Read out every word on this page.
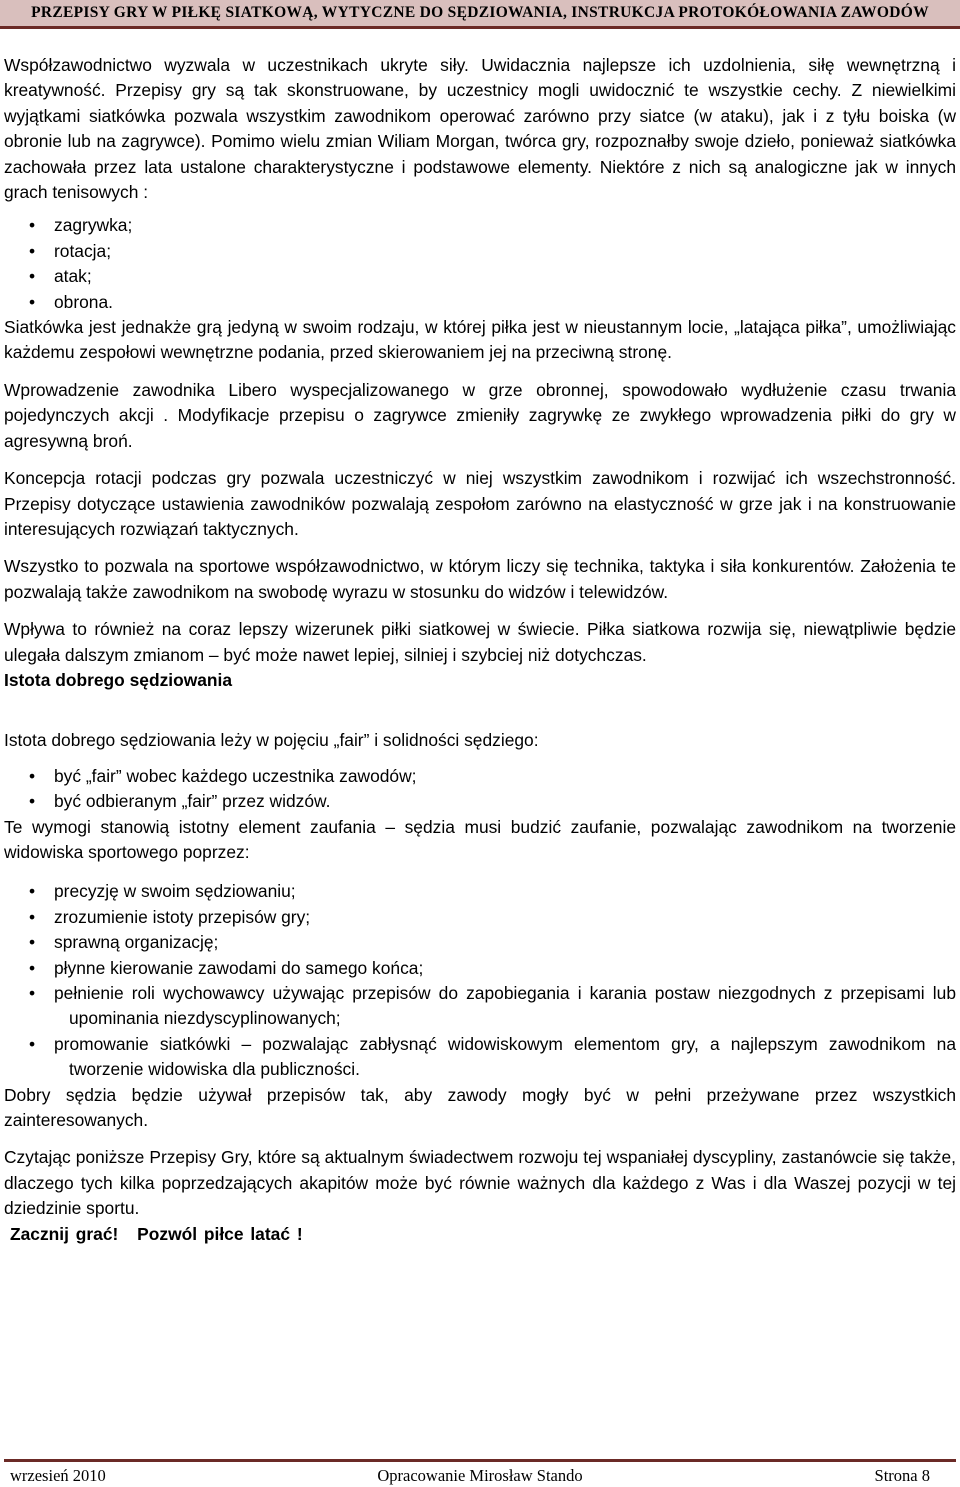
PRZEPISY GRY W PIŁKĘ SIATKOWĄ, WYTYCZNE DO SĘDZIOWANIA, INSTRUKCJA PROTOKÓŁOWANIA ZAWODÓW

Współzawodnictwo wyzwala w uczestnikach ukryte siły. Uwidacznia najlepsze ich uzdolnienia, siłę wewnętrzną i kreatywność. Przepisy gry są tak skonstruowane, by uczestnicy mogli uwidocznić te wszystkie cechy. Z niewielkimi wyjątkami siatkówka pozwala wszystkim zawodnikom operować zarówno przy siatce (w ataku), jak i z tyłu boiska (w obronie lub na zagrywce). Pomimo wielu zmian Wiliam Morgan, twórca gry, rozpoznałby swoje dzieło, ponieważ siatkówka zachowała przez lata ustalone charakterystyczne i podstawowe elementy. Niektóre z nich są analogiczne jak w innych grach tenisowych :

• zagrywka;
• rotacja;
• atak;
• obrona.

Siatkówka jest jednakże grą jedyną w swoim rodzaju, w której piłka jest w nieustannym locie, „latająca piłka”, umożliwiając każdemu zespołowi wewnętrzne podania, przed skierowaniem jej na przeciwną stronę.

Wprowadzenie zawodnika Libero wyspecjalizowanego w grze obronnej, spowodowało wydłużenie czasu trwania pojedynczych akcji . Modyfikacje przepisu o zagrywce zmieniły zagrywkę ze zwykłego wprowadzenia piłki do gry w agresywną broń.

Koncepcja rotacji podczas gry pozwala uczestniczyć w niej wszystkim zawodnikom i rozwijać ich wszechstronność. Przepisy dotyczące ustawienia zawodników pozwalają zespołom zarówno na elastyczność w grze jak i na konstruowanie interesujących rozwiązań taktycznych.

Wszystko to pozwala na sportowe współzawodnictwo, w którym liczy się technika, taktyka i siła konkurentów. Założenia te pozwalają także zawodnikom na swobodę wyrazu w stosunku do widzów i telewidzów.

Wpływa to również na coraz lepszy wizerunek piłki siatkowej w świecie. Piłka siatkowa rozwija się, niewątpliwie będzie ulegała dalszym zmianom – być może nawet lepiej, silniej i szybciej niż dotychczas.

Istota dobrego sędziowania

Istota dobrego sędziowania leży w pojęciu „fair” i solidności sędziego:

• być „fair” wobec każdego uczestnika zawodów;
• być odbieranym „fair” przez widzów.

Te wymogi stanowią istotny element zaufania – sędzia musi budzić zaufanie, pozwalając zawodnikom na tworzenie widowiska sportowego poprzez:

• precyzję w swoim sędziowaniu;
• zrozumienie istoty przepisów gry;
• sprawną organizację;
• płynne kierowanie zawodami do samego końca;
• pełnienie roli wychowawcy używając przepisów do zapobiegania i karania postaw niezgodnych z przepisami lub upominania niezdyscyplinowanych;
• promowanie siatkówki – pozwalając zabłysnąć widowiskowym elementom gry, a najlepszym zawodnikom na tworzenie widowiska dla publiczności.

Dobry sędzia będzie używał przepisów tak, aby zawody mogły być w pełni przeżywane przez wszystkich zainteresowanych.

Czytając poniższe Przepisy Gry, które są aktualnym świadectwem rozwoju tej wspaniałej dyscypliny, zastanówcie się także, dlaczego tych kilka poprzedzających akapitów może być równie ważnych dla każdego z Was i dla Waszej pozycji w tej dziedzinie sportu.

Zacznij grać! Pozwól piłce latać !

wrzesień 2010	Opracowanie Mirosław Stando	Strona 8
